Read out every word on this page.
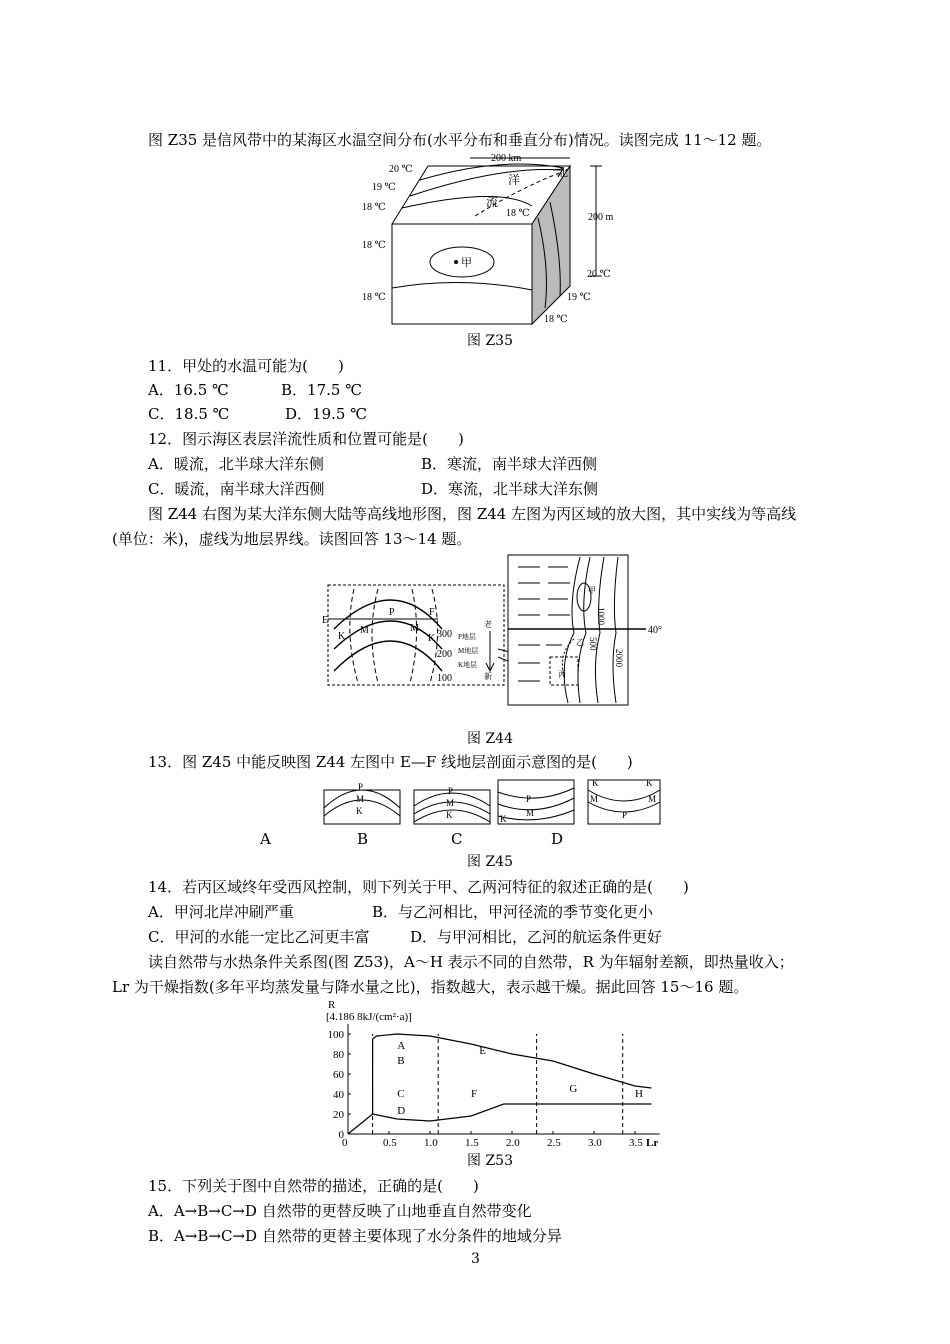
图 Z35 是信风带中的某海区水温空间分布(水平分布和垂直分布)情况。读图完成 11～12 题。
200 km
200 m
北
洋
流
甲
20 ℃
19 ℃
18 ℃
18 ℃
18 ℃
18 ℃
20 ℃
19 ℃
18 ℃
图 Z35
11．甲处的水温可能为(　　)
A．16.5 ℃	B．17.5 ℃
C．18.5 ℃	D．19.5 ℃
12．图示海区表层洋流性质和位置可能是(　　)
A．暖流，北半球大洋东侧	B．寒流，南半球大洋西侧
C．暖流，南半球大洋西侧	D．寒流，北半球大洋东侧
图 Z44 右图为某大洋东侧大陆等高线地形图，图 Z44 左图为丙区域的放大图，其中实线为等高线
(单位：米)，虚线为地层界线。读图回答 13～14 题。
E
F
P
K
M	M
K 300
200
100
老
新
P地层
M地层
K地层
40°
甲
乙
丙
1000
500
2000
图 Z44
13．图 Z45 中能反映图 Z44 左图中 E—F 线地层剖面示意图的是(　　)
P
M
K
P
M
K
P
M
K
K	K
M	M
P
A	B	C	D
图 Z45
14．若丙区域终年受西风控制，则下列关于甲、乙两河特征的叙述正确的是(　　)
A．甲河北岸冲刷严重	B．与乙河相比，甲河径流的季节变化更小
C．甲河的水能一定比乙河更丰富	D．与甲河相比，乙河的航运条件更好
读自然带与水热条件关系图(图 Z53)，A～H 表示不同的自然带，R 为年辐射差额，即热量收入；
Lr 为干燥指数(多年平均蒸发量与降水量之比)，指数越大，表示越干燥。据此回答 15～16 题。
R
[4.186 8kJ/(cm²·a)]
Lr
0	0.5 1.0 1.5 2.0 2.5 3.0 3.5
0
20
40
60
80
100
A
B
C
D
E
F	G	H
图 Z53
15．下列关于图中自然带的描述，正确的是(　　)
A．A→B→C→D 自然带的更替反映了山地垂直自然带变化
B．A→B→C→D 自然带的更替主要体现了水分条件的地域分异
3
